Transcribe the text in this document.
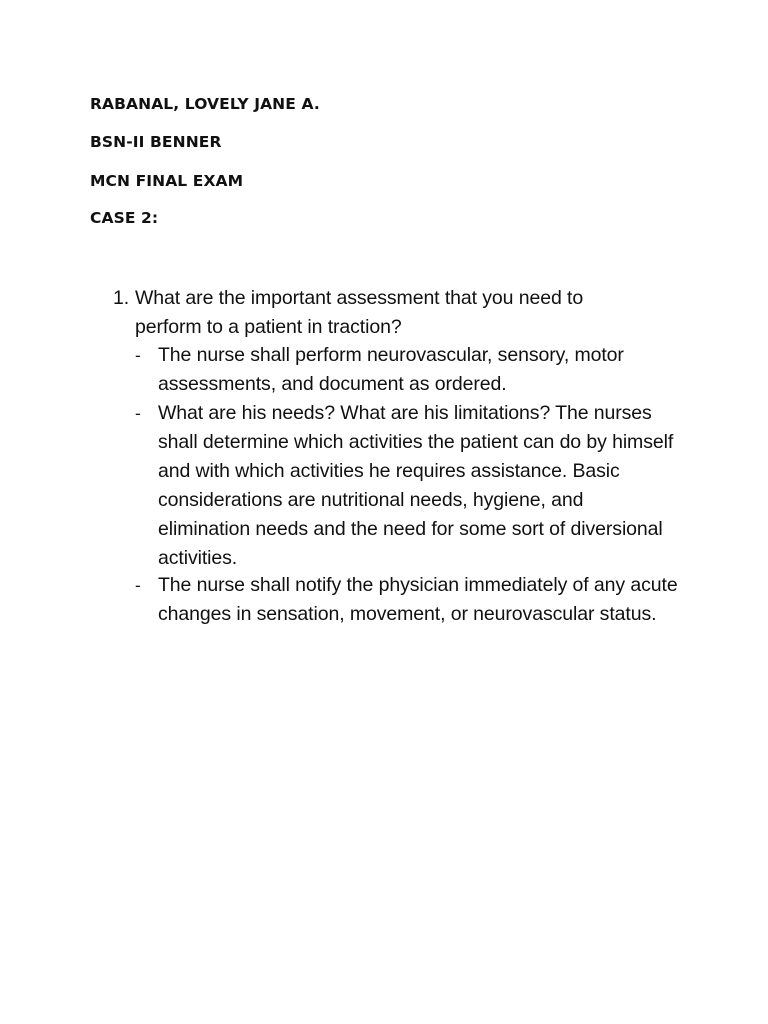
RABANAL, LOVELY JANE A.
BSN-II BENNER
MCN FINAL EXAM
CASE 2:
1. What are the important assessment that you need to perform to a patient in traction?
- The nurse shall perform neurovascular, sensory, motor assessments, and document as ordered.
- What are his needs? What are his limitations? The nurses shall determine which activities the patient can do by himself and with which activities he requires assistance. Basic considerations are nutritional needs, hygiene, and elimination needs and the need for some sort of diversional activities.
- The nurse shall notify the physician immediately of any acute changes in sensation, movement, or neurovascular status.
